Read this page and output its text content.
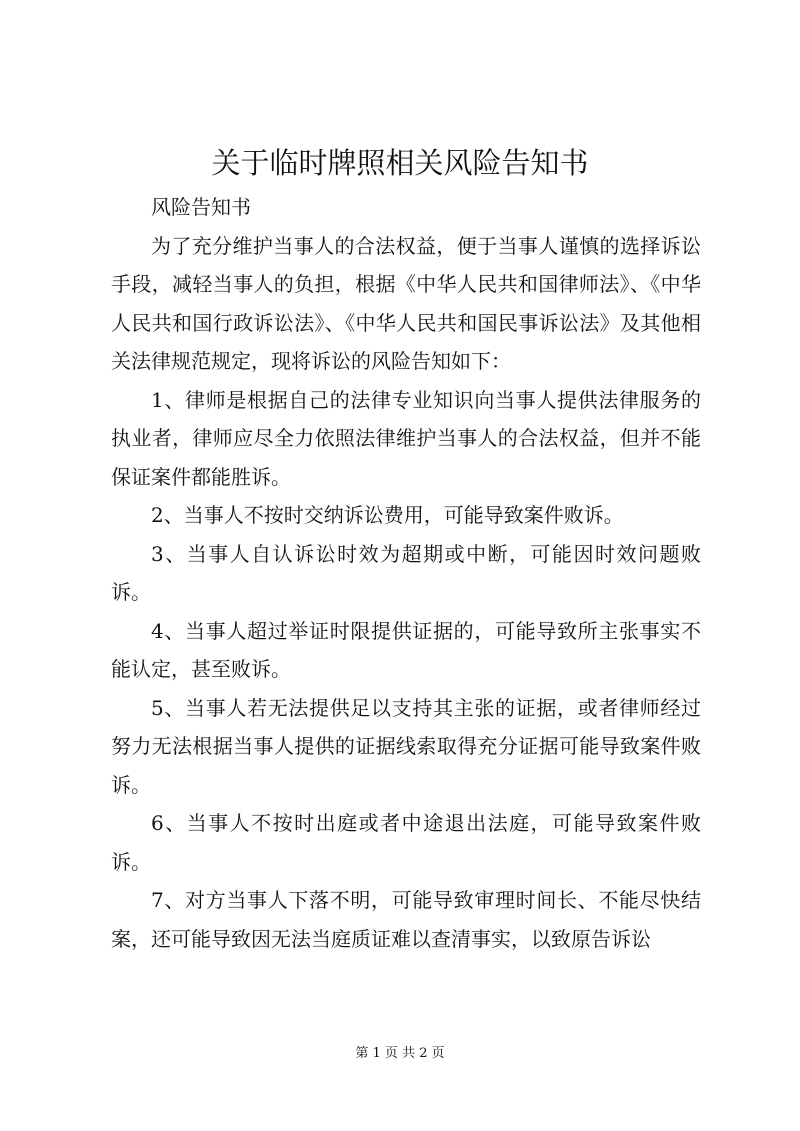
关于临时牌照相关风险告知书

风险告知书

为了充分维护当事人的合法权益，便于当事人谨慎的选择诉讼手段，减轻当事人的负担，根据《中华人民共和国律师法》、《中华人民共和国行政诉讼法》、《中华人民共和国民事诉讼法》及其他相关法律规范规定，现将诉讼的风险告知如下：

1、律师是根据自己的法律专业知识向当事人提供法律服务的执业者，律师应尽全力依照法律维护当事人的合法权益，但并不能保证案件都能胜诉。

2、当事人不按时交纳诉讼费用，可能导致案件败诉。

3、当事人自认诉讼时效为超期或中断，可能因时效问题败诉。

4、当事人超过举证时限提供证据的，可能导致所主张事实不能认定，甚至败诉。

5、当事人若无法提供足以支持其主张的证据，或者律师经过努力无法根据当事人提供的证据线索取得充分证据可能导致案件败诉。

6、当事人不按时出庭或者中途退出法庭，可能导致案件败诉。

7、对方当事人下落不明，可能导致审理时间长、不能尽快结案，还可能导致因无法当庭质证难以查清事实，以致原告诉讼

第 1 页 共 2 页
